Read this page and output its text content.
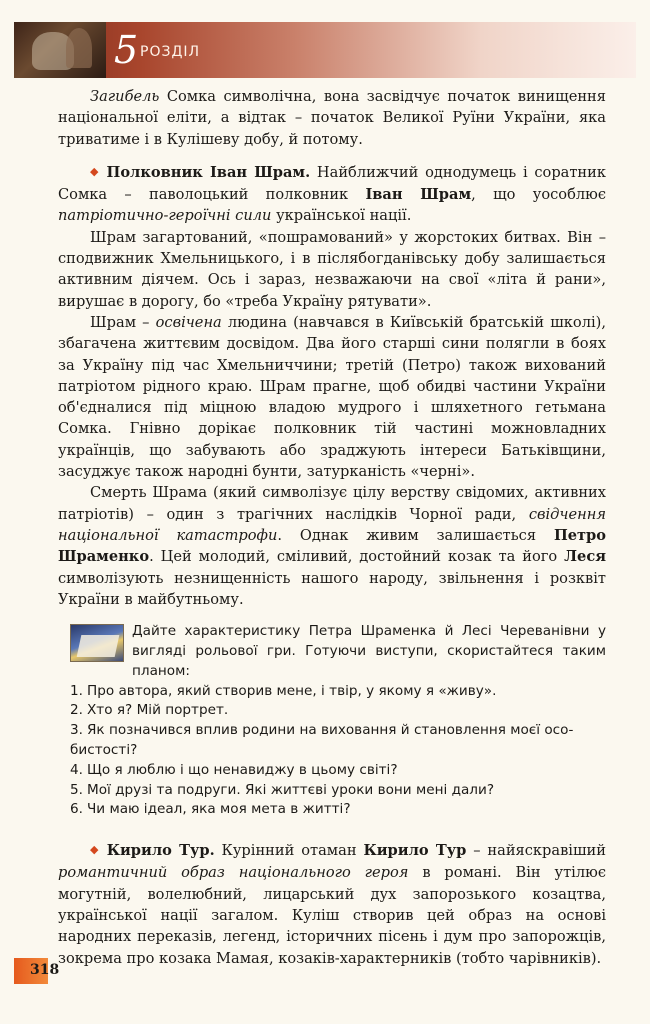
5 РОЗДІЛ

Загибель Сомка символічна, вона засвідчує початок винищення національної еліти, а відтак – початок Великої Руїни України, яка триватиме і в Кулішеву добу, й потому.

◆ Полковник Іван Шрам. Найближчий однодумець і соратник Сомка – паволоцький полковник Іван Шрам, що уособлює патріотично-героїчні сили української нації.

Шрам загартований, «пошрамований» у жорстоких битвах. Він – сподвижник Хмельницького, і в післябогданівську добу залишається активним діячем. Ось і зараз, незважаючи на свої «літа й рани», вирушає в дорогу, бо «треба Україну рятувати».

Шрам – освічена людина (навчався в Київській братській школі), збагачена життєвим досвідом. Два його старші сини полягли в боях за Україну під час Хмельниччини; третій (Петро) також вихований патріотом рідного краю. Шрам прагне, щоб обидві частини України об'єдналися під міцною владою мудрого і шляхетного гетьмана Сомка. Гнівно дорікає полковник тій частині можновладних українців, що забувають або зраджують інтереси Батьківщини, засуджує також народні бунти, затурканість «черні».

Смерть Шрама (який символізує цілу верству свідомих, активних патріотів) – один з трагічних наслідків Чорної ради, свідчення національної катастрофи. Однак живим залишається Петро Шраменко. Цей молодий, сміливий, достойний козак та його Леся символізують незнищенність нашого народу, звільнення і розквіт України в майбутньому.

Дайте характеристику Петра Шраменка й Лесі Череванівни у вигляді рольової гри. Готуючи виступи, скористайтеся таким планом:

1. Про автора, який створив мене, і твір, у якому я «живу».
2. Хто я? Мій портрет.
3. Як позначився вплив родини на виховання й становлення моєї особистості?
4. Що я люблю і що ненавиджу в цьому світі?
5. Мої друзі та подруги. Які життєві уроки вони мені дали?
6. Чи маю ідеал, яка моя мета в житті?

◆ Кирило Тур. Курінний отаман Кирило Тур – найяскравіший романтичний образ національного героя в романі. Він утілює могутній, волелюбний, лицарський дух запорозького козацтва, української нації загалом. Куліш створив цей образ на основі народних переказів, легенд, історичних пісень і дум про запорожців, зокрема про козака Мамая, козаків-характерників (тобто чарівників).

318
